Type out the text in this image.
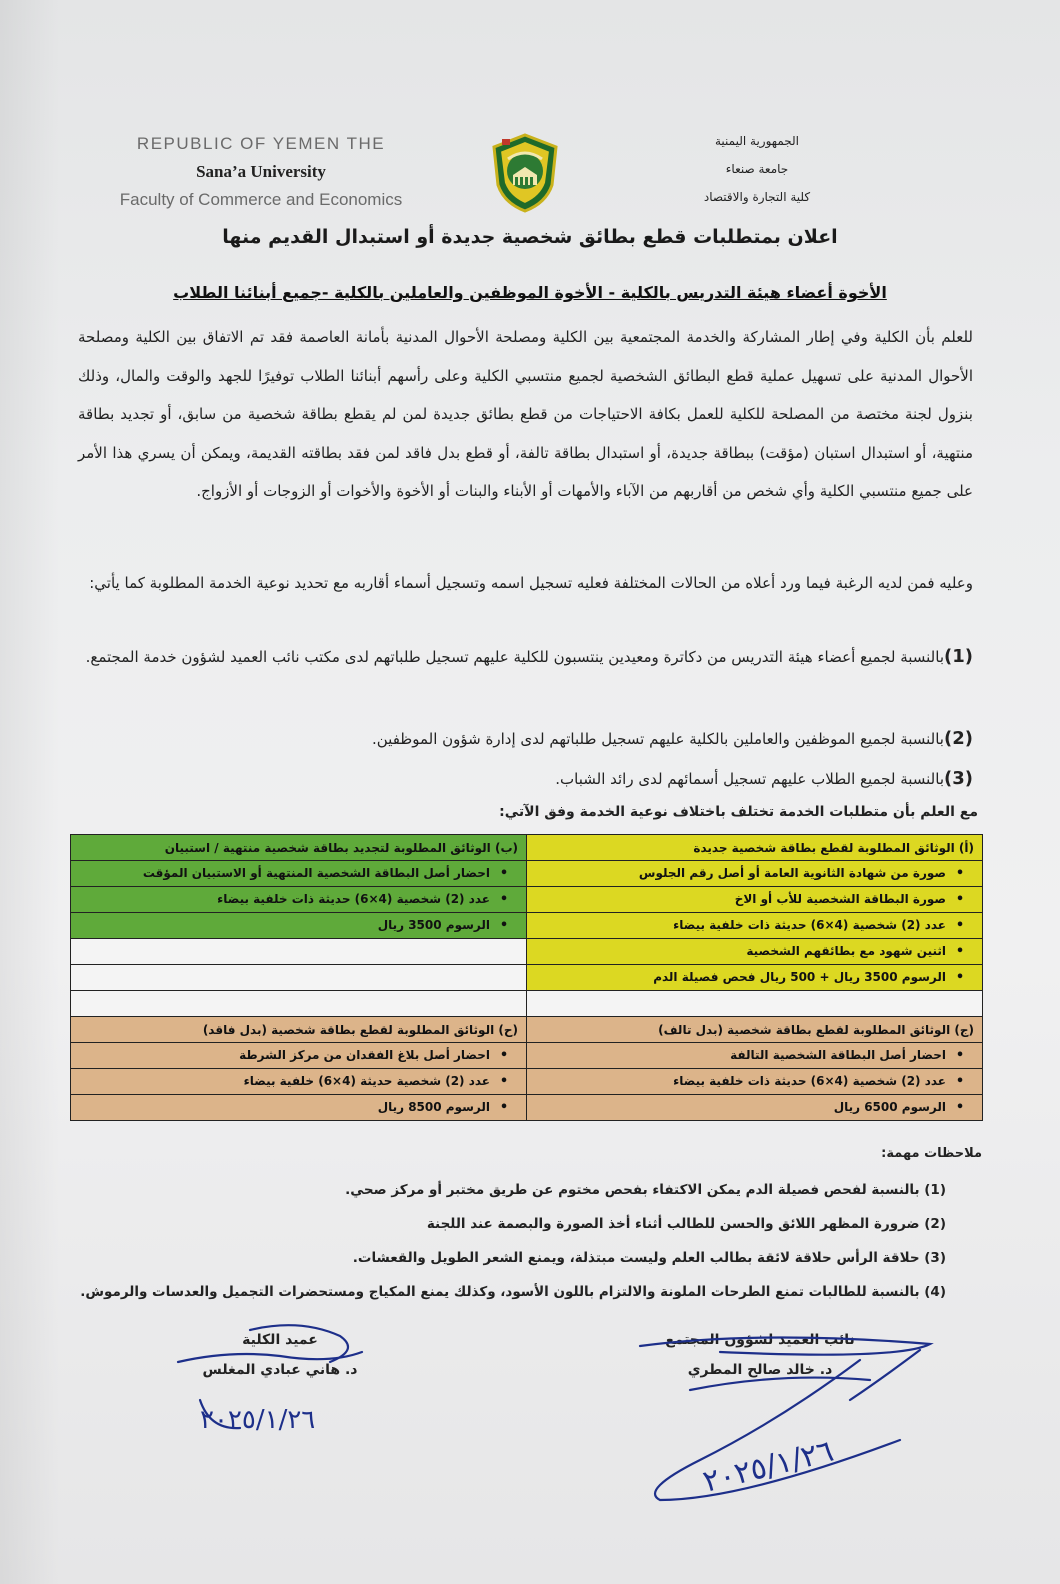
REPUBLIC OF YEMEN THE
Sana’a University
Faculty of Commerce and Economics
الجمهورية اليمنية
جامعة صنعاء
كلية التجارة والاقتصاد
اعلان بمتطلبات قطع بطائق شخصية جديدة أو استبدال القديم منها
الأخوة أعضاء هيئة التدريس بالكلية - الأخوة الموظفين والعاملين بالكلية -جميع أبنائنا الطلاب
للعلم بأن الكلية وفي إطار المشاركة والخدمة المجتمعية بين الكلية ومصلحة الأحوال المدنية بأمانة العاصمة فقد تم الاتفاق بين الكلية ومصلحة الأحوال المدنية على تسهيل عملية قطع البطائق الشخصية لجميع منتسبي الكلية وعلى رأسهم أبنائنا الطلاب توفيرًا للجهد والوقت والمال، وذلك بنزول لجنة مختصة من المصلحة للكلية للعمل بكافة الاحتياجات من قطع بطائق جديدة لمن لم يقطع بطاقة شخصية من سابق، أو تجديد بطاقة منتهية، أو استبدال استبان (مؤقت) ببطاقة جديدة، أو استبدال بطاقة تالفة، أو قطع بدل فاقد لمن فقد بطاقته القديمة، ويمكن أن يسري هذا الأمر على جميع منتسبي الكلية وأي شخص من أقاربهم من الآباء والأمهات أو الأبناء والبنات أو الأخوة والأخوات أو الزوجات أو الأزواج.
وعليه فمن لديه الرغبة فيما ورد أعلاه من الحالات المختلفة فعليه تسجيل اسمه وتسجيل أسماء أقاربه مع تحديد نوعية الخدمة المطلوبة كما يأتي:
(1)بالنسبة لجميع أعضاء هيئة التدريس من دكاترة ومعيدين ينتسبون للكلية عليهم تسجيل طلباتهم لدى مكتب نائب العميد لشؤون خدمة المجتمع.
(2)بالنسبة لجميع الموظفين والعاملين بالكلية عليهم تسجيل طلباتهم لدى إدارة شؤون الموظفين.
(3)بالنسبة لجميع الطلاب عليهم تسجيل أسمائهم لدى رائد الشباب.
مع العلم بأن متطلبات الخدمة تختلف باختلاف نوعية الخدمة وفق الآتي:
(أ) الوثائق المطلوبة لقطع بطاقة شخصية جديدة	(ب) الوثائق المطلوبة لتجديد بطاقة شخصية منتهية / استبيان
• صورة من شهادة الثانوية العامة أو أصل رقم الجلوس	• احضار أصل البطاقة الشخصية المنتهية أو الاستبيان المؤقت
• صورة البطاقة الشخصية للأب أو الاخ	• عدد (2) شخصية (4×6) حديثة ذات خلفية بيضاء
• عدد (2) شخصية (4×6) حديثة ذات خلفية بيضاء	• الرسوم 3500 ريال
• اثنين شهود مع بطائقهم الشخصية	
• الرسوم 3500 ريال + 500 ريال فحص فصيلة الدم	

(ج) الوثائق المطلوبة لقطع بطاقة شخصية (بدل تالف)	(ح) الوثائق المطلوبة لقطع بطاقة شخصية (بدل فاقد)
• احضار أصل البطاقة الشخصية التالفة	• احضار أصل بلاغ الفقدان من مركز الشرطة
• عدد (2) شخصية (4×6) حديثة ذات خلفية بيضاء	• عدد (2) شخصية حديثة (4×6) خلفية بيضاء
• الرسوم 6500 ريال	• الرسوم 8500 ريال
ملاحظات مهمة:
(1) بالنسبة لفحص فصيلة الدم يمكن الاكتفاء بفحص مختوم عن طريق مختبر أو مركز صحي.
(2) ضرورة المظهر اللائق والحسن للطالب أثناء أخذ الصورة والبصمة عند اللجنة
(3) حلاقة الرأس حلاقة لائقة بطالب العلم وليست مبتذلة، ويمنع الشعر الطويل والقعشات.
(4) بالنسبة للطالبات تمنع الطرحات الملونة والالتزام باللون الأسود، وكذلك يمنع المكياج ومستحضرات التجميل والعدسات والرموش.
عميد الكلية
د. هاني عبادي المغلس
نائب العميد لشؤون المجتمع
د. خالد صالح المطري
٢٠٢٥/١/٢٦
٢٠٢٥/١/٢٦
